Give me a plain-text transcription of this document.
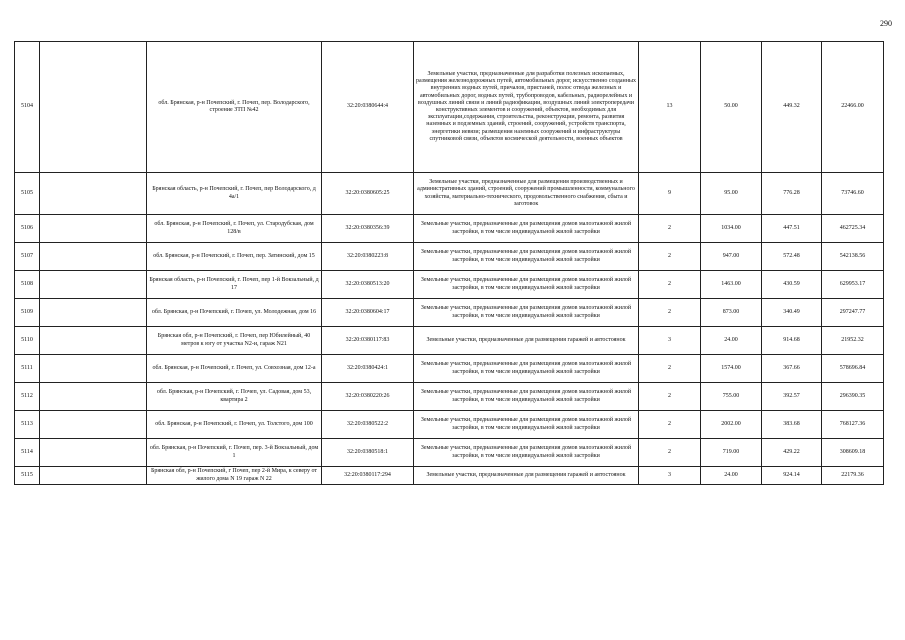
290
5104		обл. Брянская, р-н Почепский, г. Почеп, пер. Володарского, строение ЗТП №42	32:20:0380644:4	Земельные участки, предназначенные для разработки полезных ископаемых, размещения железнодорожных путей, автомобильных дорог, искусственно созданных внутренних водных путей, причалов, пристаней, полос отвода железных и автомобильных дорог, водных путей, трубопроводов, кабельных, радиорелейных и воздушных линий связи и линий радиофикации, воздушных линий электропередачи конструктивных элементов и сооружений, объектов, необходимых для эксплуатации,содержания, строительства, реконструкции, ремонта, развития наземных и подземных зданий, строений, сооружений, устройств транспорта, энергетики иевязи; размещения наземных сооружений и инфраструктуры спутниковой связи, объектов космической деятельности, военных объектов	13	50.00	449.32	22466.00
5105		Брянская область, р-н Почепский, г. Почеп, пер Володарского, д 4а/1	32:20:0380605:25	Земельные участки, предназначенные для размещения производственных и административных зданий, строений, сооружений промышленности, коммунального хозяйства, материально-технического, продовольственного снабжения, сбыта и заготовок	9	95.00	776.28	73746.60
5106		обл. Брянская, р-н Почепский, г. Почеп, ул. Стародубская, дом 128/в	32:20:0380356:39	Земельные участки, предназначенные для размещения домов малоэтажной жилой застройки, в том числе индивидуальной жилой застройки	2	1034.00	447.51	462725.34
5107		обл. Брянская, р-н Почепский, г. Почеп, пер. Затинский, дом 15	32:20:0380223:8	Земельные участки, предназначенные для размещения домов малоэтажной жилой застройки, в том числе индивидуальной жилой застройки	2	947.00	572.48	542138.56
5108		Брянская область, р-н Почепский, г. Почеп, пер 1-й Вокзальный, д 17	32:20:0380513:20	Земельные участки, предназначенные для размещения домов малоэтажной жилой застройки, в том числе индивидуальной жилой застройки	2	1463.00	430.59	629953.17
5109		обл. Брянская, р-н Почепский, г. Почеп, ул. Молодежная, дом 16	32:20:0380604:17	Земельные участки, предназначенные для размещения домов малоэтажной жилой застройки, в том числе индивидуальной жилой застройки	2	873.00	340.49	297247.77
5110		Брянская обл, р-н Почепский, г. Почеп, пер Юбилейный, 40 метров к югу от участка N2-и, гараж N21	32:20:0380117:83	Земельные участки, предназначенные для размещения гаражей и автостоянок	3	24.00	914.68	21952.32
5111		обл. Брянская, р-н Почепский, г. Почеп, ул. Совхозная, дом 12-а	32:20:0380424:1	Земельные участки, предназначенные для размещения домов малоэтажной жилой застройки, в том числе индивидуальной жилой застройки	2	1574.00	367.66	578696.84
5112		обл. Брянская, р-н Почепский, г. Почеп, ул. Садовая, дом 53, квартира 2	32:20:0380220:26	Земельные участки, предназначенные для размещения домов малоэтажной жилой застройки, в том числе индивидуальной жилой застройки	2	755.00	392.57	296390.35
5113		обл. Брянская, р-н Почепский, г. Почеп, ул. Толстого, дом 100	32:20:0380522:2	Земельные участки, предназначенные для размещения домов малоэтажной жилой застройки, в том числе индивидуальной жилой застройки	2	2002.00	383.68	768127.36
5114		обл. Брянская, р-н Почепский, г. Почеп, пер. 3-й Вокзальный, дом 1	32:20:0380518:1	Земельные участки, предназначенные для размещения домов малоэтажной жилой застройки, в том числе индивидуальной жилой застройки	2	719.00	429.22	308609.18
5115		Брянская обл, р-н Почепский, г Почеп, пер 2-й Мира, к северу от жилого дома N 19 гараж N 22	32:20:0380117:294	Земельные участки, предназначенные для размещения гаражей и автостоянок	3	24.00	924.14	22179.36
